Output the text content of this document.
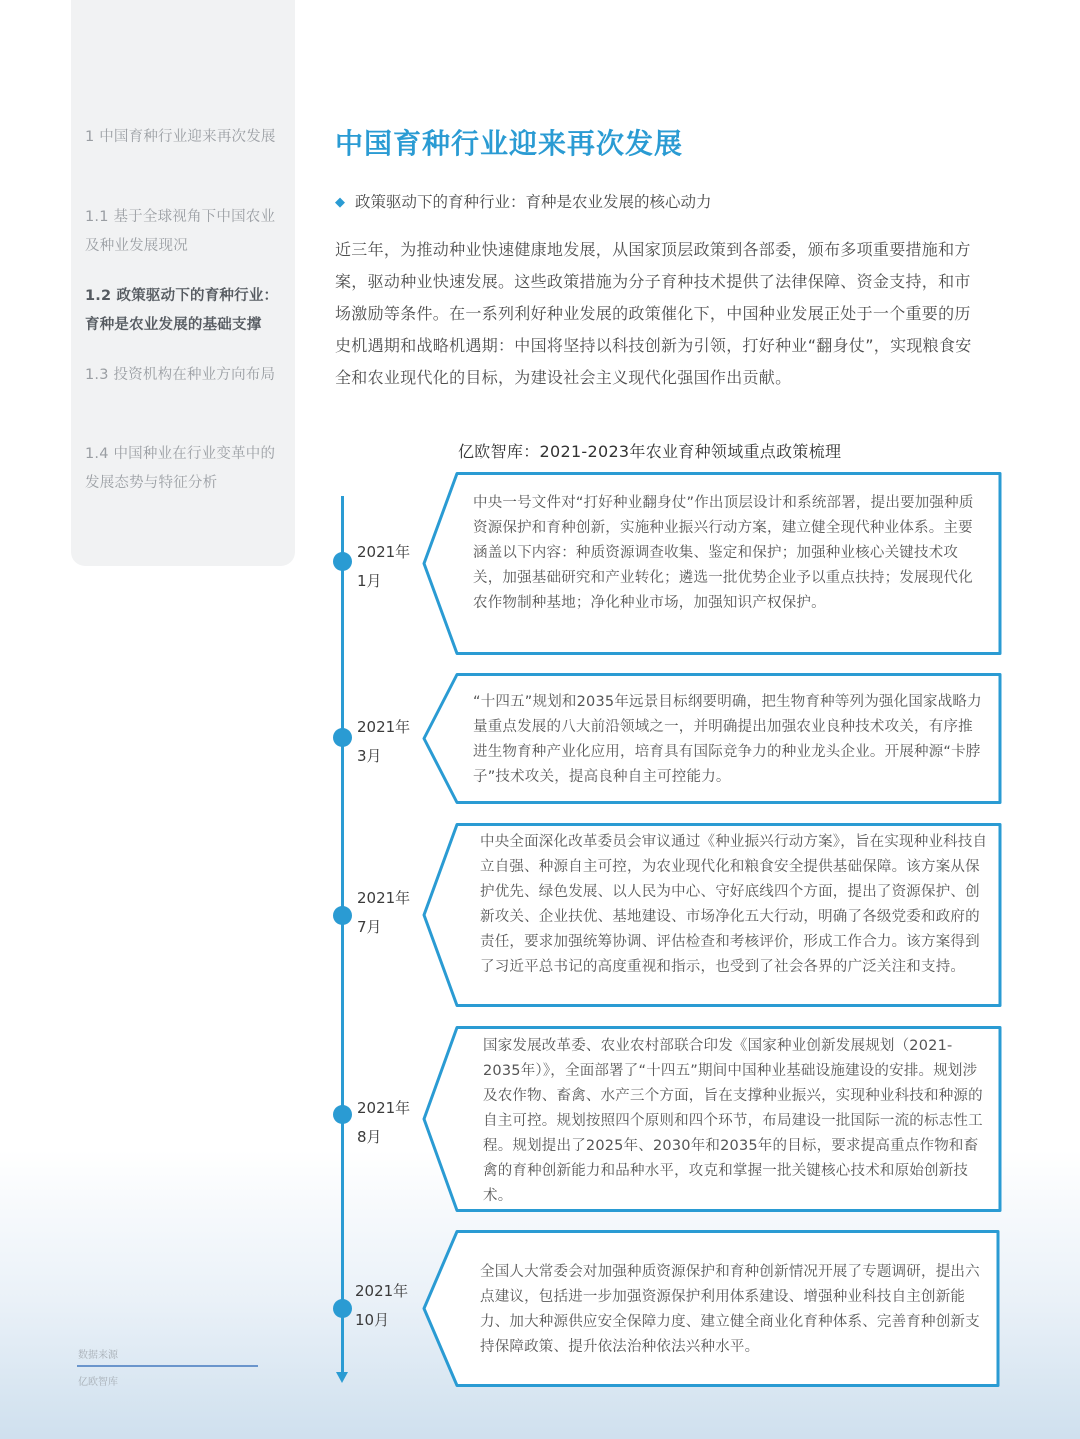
1 中国育种行业迎来再次发展
1.1 基于全球视角下中国农业及种业发展现况
1.2 政策驱动下的育种行业：育种是农业发展的基础支撑
1.3 投资机构在种业方向布局
1.4 中国种业在行业变革中的发展态势与特征分析
中国育种行业迎来再次发展
◆ 政策驱动下的育种行业：育种是农业发展的核心动力

近三年，为推动种业快速健康地发展，从国家顶层政策到各部委，颁布多项重要措施和方案，驱动种业快速发展。这些政策措施为分子育种技术提供了法律保障、资金支持，和市场激励等条件。在一系列利好种业发展的政策催化下，中国种业发展正处于一个重要的历史机遇期和战略机遇期：中国将坚持以科技创新为引领，打好种业“翻身仗”，实现粮食安全和农业现代化的目标，为建设社会主义现代化强国作出贡献。

亿欧智库：2021-2023年农业育种领域重点政策梳理
2021年
1月
中央一号文件对“打好种业翻身仗”作出顶层设计和系统部署，提出要加强种质资源保护和育种创新，实施种业振兴行动方案，建立健全现代种业体系。主要涵盖以下内容：种质资源调查收集、鉴定和保护；加强种业核心关键技术攻关，加强基础研究和产业转化；遴选一批优势企业予以重点扶持；发展现代化农作物制种基地；净化种业市场，加强知识产权保护。
2021年
3月
“十四五”规划和2035年远景目标纲要明确，把生物育种等列为强化国家战略力量重点发展的八大前沿领域之一，并明确提出加强农业良种技术攻关，有序推进生物育种产业化应用，培育具有国际竞争力的种业龙头企业。开展种源“卡脖子”技术攻关，提高良种自主可控能力。
2021年
7月
中央全面深化改革委员会审议通过《种业振兴行动方案》，旨在实现种业科技自立自强、种源自主可控，为农业现代化和粮食安全提供基础保障。该方案从保护优先、绿色发展、以人民为中心、守好底线四个方面，提出了资源保护、创新攻关、企业扶优、基地建设、市场净化五大行动，明确了各级党委和政府的责任，要求加强统筹协调、评估检查和考核评价，形成工作合力。该方案得到了习近平总书记的高度重视和指示，也受到了社会各界的广泛关注和支持。
2021年
8月
国家发展改革委、农业农村部联合印发《国家种业创新发展规划（2021-2035年）》，全面部署了“十四五”期间中国种业基础设施建设的安排。规划涉及农作物、畜禽、水产三个方面，旨在支撑种业振兴，实现种业科技和种源的自主可控。规划按照四个原则和四个环节，布局建设一批国际一流的标志性工程。规划提出了2025年、2030年和2035年的目标，要求提高重点作物和畜禽的育种创新能力和品种水平，攻克和掌握一批关键核心技术和原始创新技术。
2021年
10月
全国人大常委会对加强种质资源保护和育种创新情况开展了专题调研，提出六点建议，包括进一步加强资源保护利用体系建设、增强种业科技自主创新能力、加大种源供应安全保障力度、建立健全商业化育种体系、完善育种创新支持保障政策、提升依法治种依法兴种水平。
数据来源
亿欧智库
